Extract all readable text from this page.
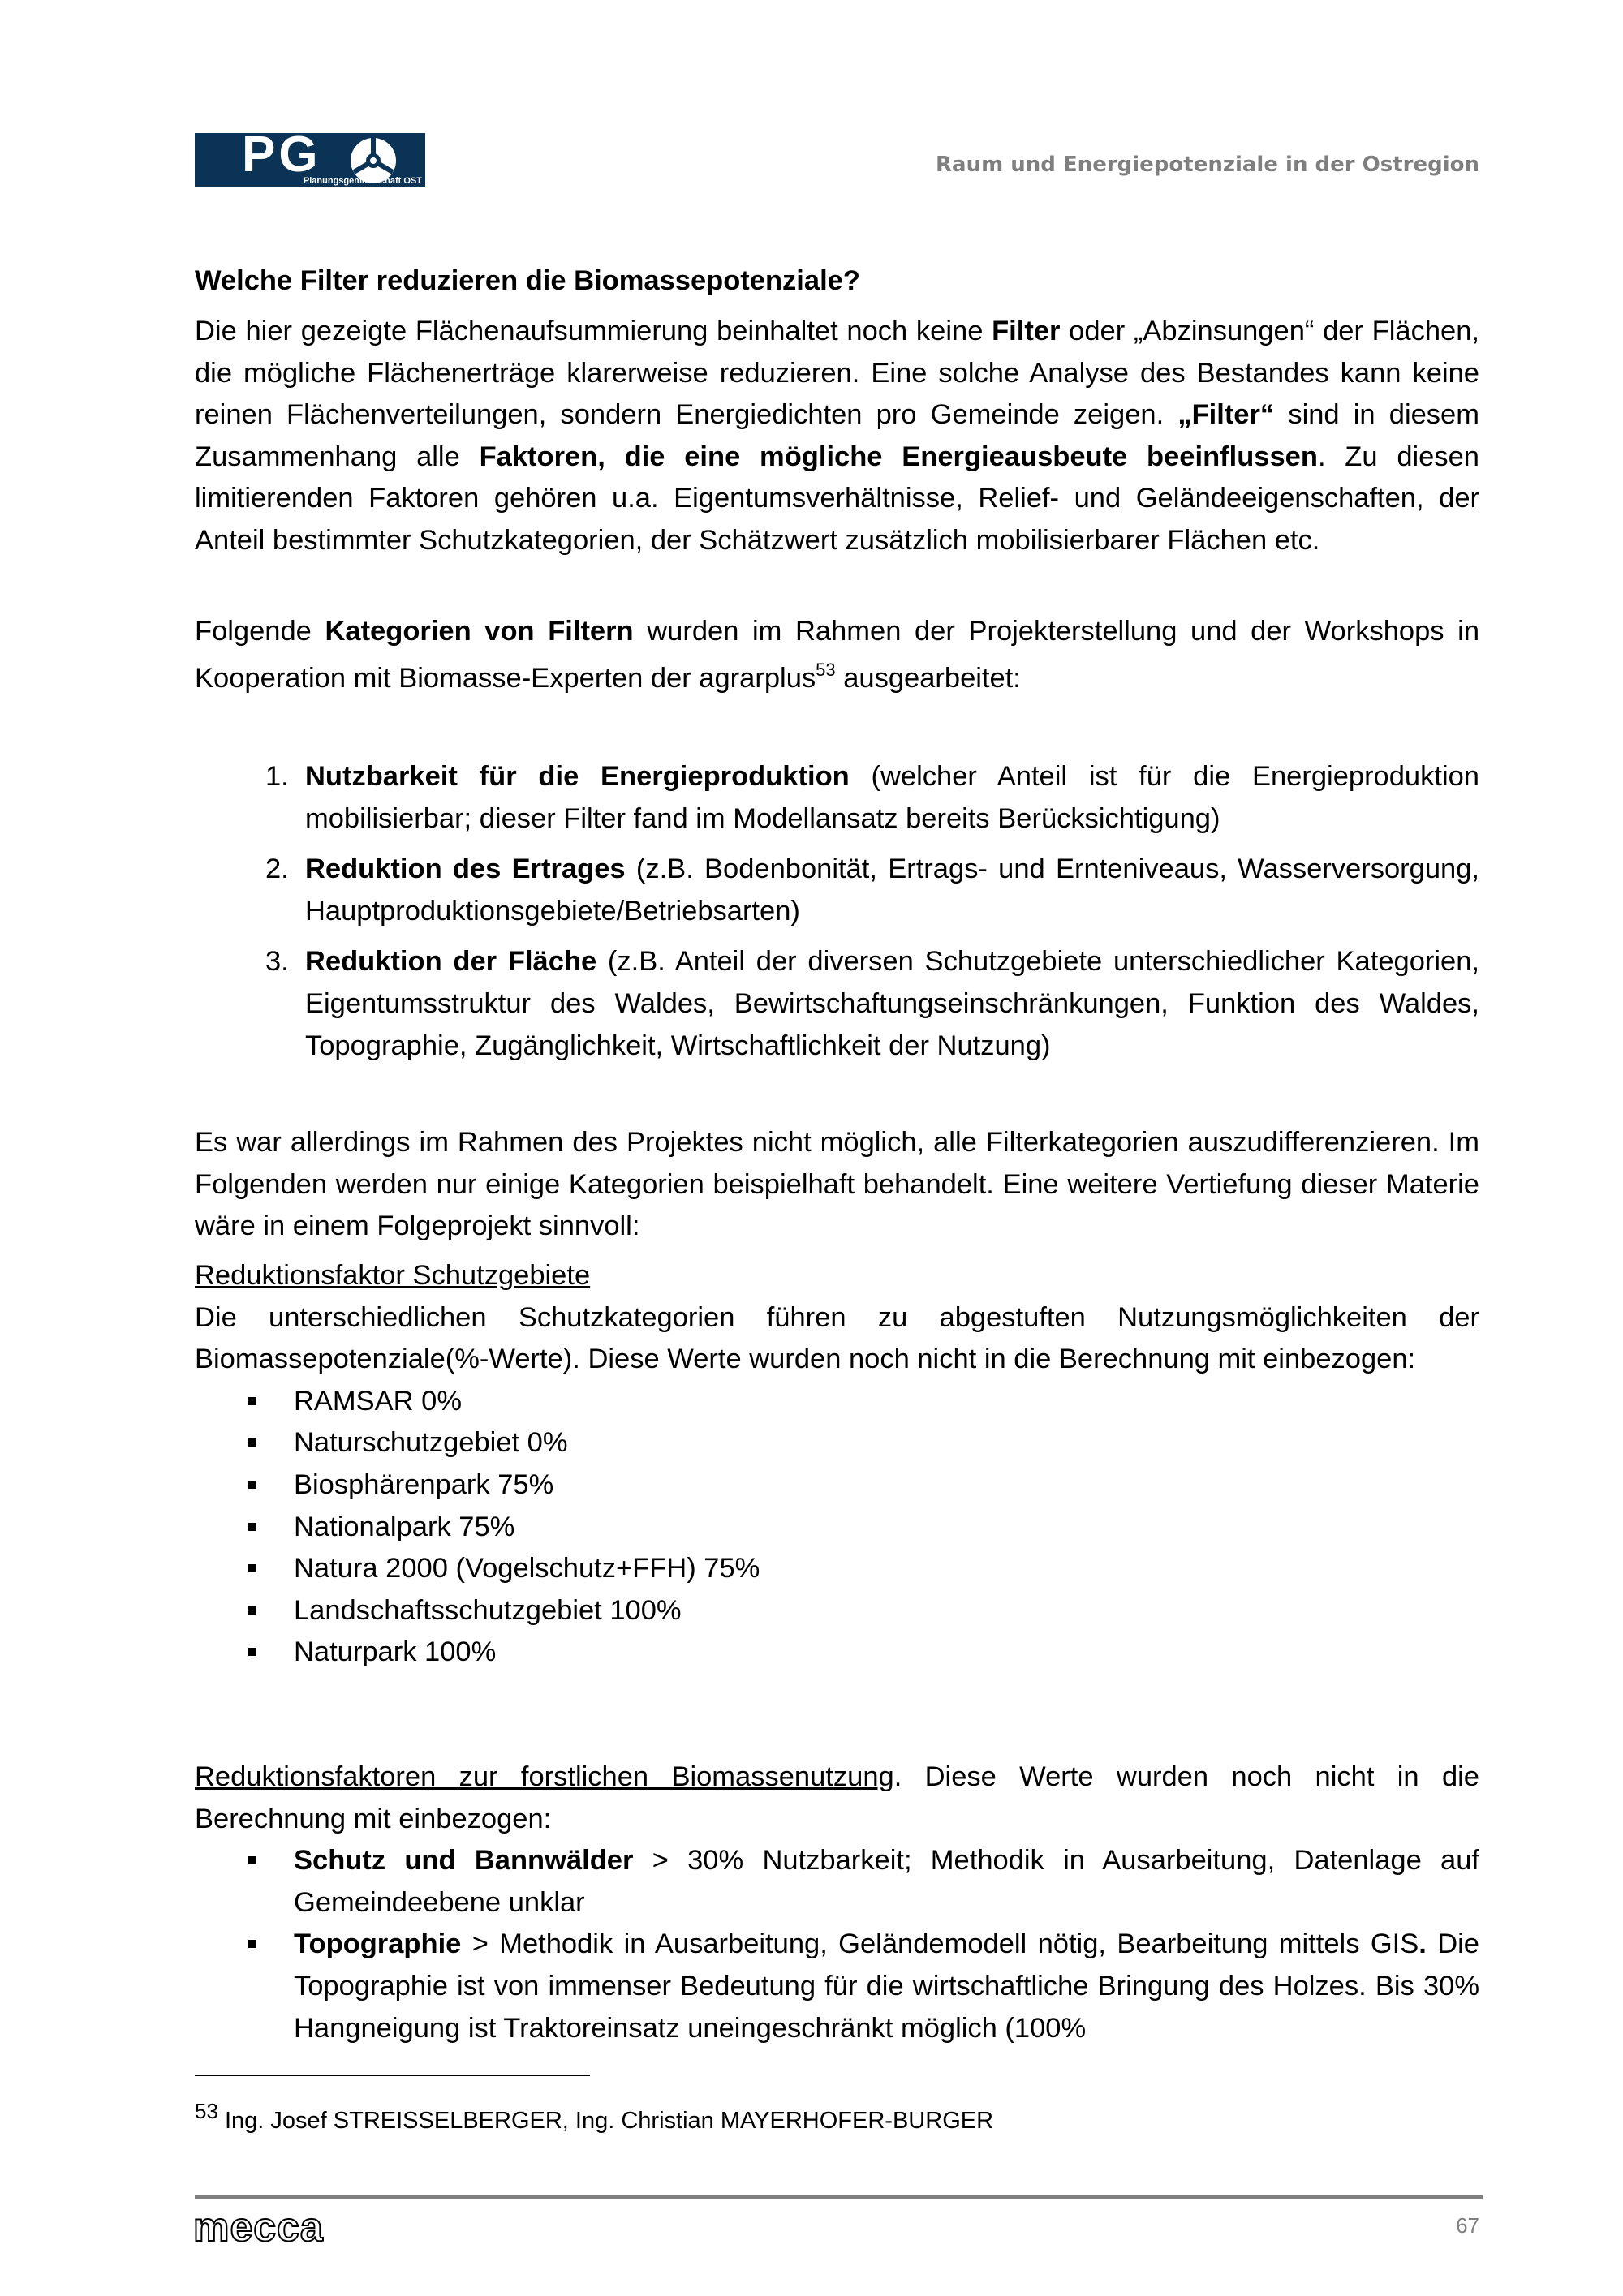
PG
Planungsgemeinschaft OST
Raum und Energiepotenziale in der Ostregion

Welche Filter reduzieren die Biomassepotenziale?

Die hier gezeigte Flächenaufsummierung beinhaltet noch keine Filter oder „Abzinsungen“ der Flächen, die mögliche Flächenerträge klarerweise reduzieren. Eine solche Analyse des Bestandes kann keine reinen Flächenverteilungen, sondern Energiedichten pro Gemeinde zeigen. „Filter“ sind in diesem Zusammenhang alle Faktoren, die eine mögliche Energieausbeute beeinflussen. Zu diesen limitierenden Faktoren gehören u.a. Eigentumsverhältnisse, Relief- und Geländeeigenschaften, der Anteil bestimmter Schutzkategorien, der Schätzwert zusätzlich mobilisierbarer Flächen etc.

Folgende Kategorien von Filtern wurden im Rahmen der Projekterstellung und der Workshops in Kooperation mit Biomasse-Experten der agrarplus$^{53}$ ausgearbeitet:

1. Nutzbarkeit für die Energieproduktion (welcher Anteil ist für die Energieproduktion mobilisierbar; dieser Filter fand im Modellansatz bereits Berücksichtigung)
2. Reduktion des Ertrages (z.B. Bodenbonität, Ertrags- und Ernteniveaus, Wasserversorgung, Hauptproduktionsgebiete/Betriebsarten)
3. Reduktion der Fläche (z.B. Anteil der diversen Schutzgebiete unterschiedlicher Kategorien, Eigentumsstruktur des Waldes, Bewirtschaftungseinschränkungen, Funktion des Waldes, Topographie, Zugänglichkeit, Wirtschaftlichkeit der Nutzung)

Es war allerdings im Rahmen des Projektes nicht möglich, alle Filterkategorien auszudifferenzieren. Im Folgenden werden nur einige Kategorien beispielhaft behandelt. Eine weitere Vertiefung dieser Materie wäre in einem Folgeprojekt sinnvoll:

Reduktionsfaktor Schutzgebiete

Die unterschiedlichen Schutzkategorien führen zu abgestuften Nutzungsmöglichkeiten der Biomassepotenziale(%-Werte). Diese Werte wurden noch nicht in die Berechnung mit einbezogen:

RAMSAR 0%
Naturschutzgebiet 0%
Biosphärenpark 75%
Nationalpark 75%
Natura 2000 (Vogelschutz+FFH) 75%
Landschaftsschutzgebiet 100%
Naturpark 100%

Reduktionsfaktoren zur forstlichen Biomassenutzung. Diese Werte wurden noch nicht in die Berechnung mit einbezogen:

Schutz und Bannwälder > 30% Nutzbarkeit; Methodik in Ausarbeitung, Datenlage auf Gemeindeebene unklar
Topographie > Methodik in Ausarbeitung, Geländemodell nötig, Bearbeitung mittels GIS. Die Topographie ist von immenser Bedeutung für die wirtschaftliche Bringung des Holzes. Bis 30% Hangneigung ist Traktoreinsatz uneingeschränkt möglich (100%
$^{53}$ Ing. Josef STREISSELBERGER, Ing. Christian MAYERHOFER-BURGER
mecca	67
